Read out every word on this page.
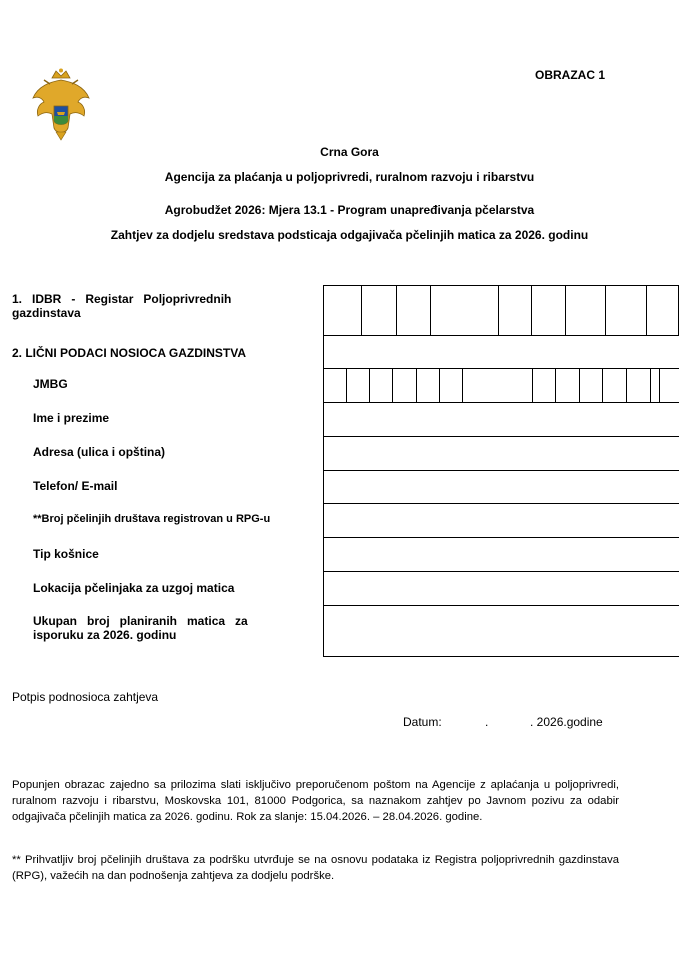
OBRAZAC 1
Crna Gora
Agencija za plaćanja u poljoprivredi, ruralnom razvoju i ribarstvu
Agrobudžet 2026: Mjera 13.1 - Program unapređivanja pčelarstva
Zahtjev za dodjelu sredstava podsticaja odgajivača pčelinjih matica za 2026. godinu
1.   IDBR   -   Registar   Poljoprivrednih
gazdinstava
2. LIČNI PODACI NOSIOCA GAZDINSTVA
JMBG
Ime i prezime
Adresa (ulica i opština)
Telefon/ E-mail
**Broj pčelinjih društava registrovan u RPG-u
Tip košnice
Lokacija pčelinjaka za uzgoj matica
Ukupan   broj   planiranih   matica   za
isporuku za 2026. godinu
Potpis podnosioca zahtjeva
Datum:	.	. 2026.godine
Popunjen obrazac zajedno sa prilozima slati isključivo preporučenom poštom na Agencije z aplaćanja u poljoprivredi, ruralnom razvoju i ribarstvu, Moskovska 101, 81000 Podgorica, sa naznakom zahtjev po Javnom pozivu za odabir odgajivača pčelinjih matica za 2026. godinu. Rok za slanje: 15.04.2026. – 28.04.2026. godine.
** Prihvatljiv broj pčelinjih društava za podršku utvrđuje se na osnovu podataka iz Registra poljoprivrednih gazdinstava (RPG), važećih na dan podnošenja zahtjeva za dodjelu podrške.
